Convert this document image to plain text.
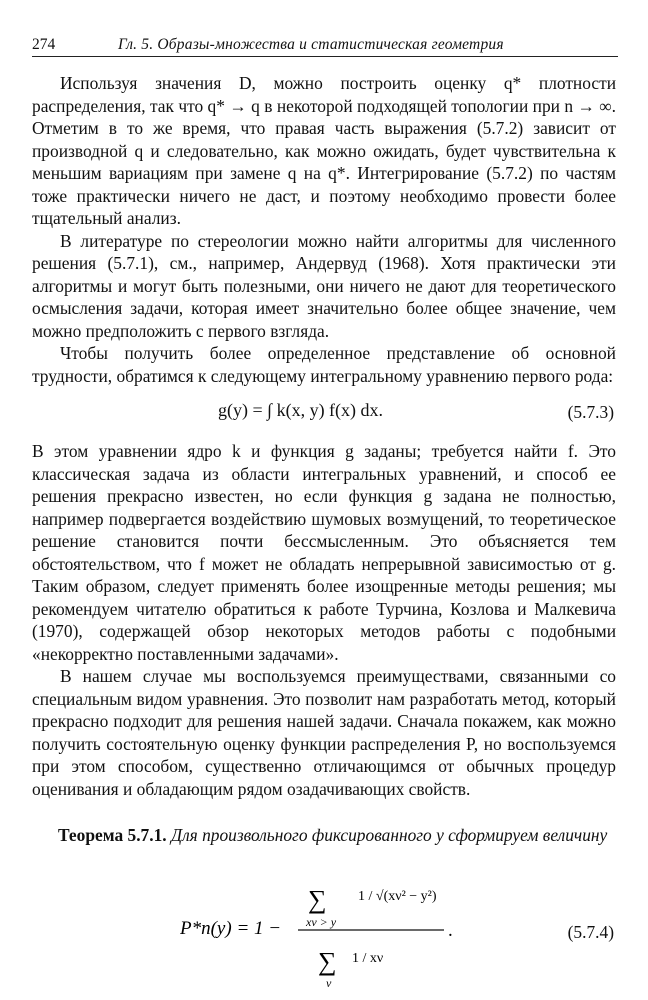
274	Гл. 5. Образы-множества и статистическая геометрия

Используя значения D, можно построить оценку q* плотности распределения, так что q* → q в некоторой подходящей топологии при n → ∞. Отметим в то же время, что правая часть выражения (5.7.2) зависит от производной q и следовательно, как можно ожидать, будет чувствительна к меньшим вариациям при замене q на q*. Интегрирование (5.7.2) по частям тоже практически ничего не даст, и поэтому необходимо провести более тщательный анализ.

В литературе по стереологии можно найти алгоритмы для численного решения (5.7.1), см., например, Андервуд (1968). Хотя практически эти алгоритмы и могут быть полезными, они ничего не дают для теоретического осмысления задачи, которая имеет значительно более общее значение, чем можно предположить с первого взгляда.

Чтобы получить более определенное представление об основной трудности, обратимся к следующему интегральному уравнению первого рода:

g(y) = ∫ k(x, y) f(x) dx.	(5.7.3)

В этом уравнении ядро k и функция g заданы; требуется найти f. Это классическая задача из области интегральных уравнений, и способ ее решения прекрасно известен, но если функция g задана не полностью, например подвергается воздействию шумовых возмущений, то теоретическое решение становится почти бессмысленным. Это объясняется тем обстоятельством, что f может не обладать непрерывной зависимостью от g. Таким образом, следует применять более изощренные методы решения; мы рекомендуем читателю обратиться к работе Турчина, Козлова и Малкевича (1970), содержащей обзор некоторых методов работы с подобными «некорректно поставленными задачами».

В нашем случае мы воспользуемся преимуществами, связанными со специальным видом уравнения. Это позволит нам разработать метод, который прекрасно подходит для решения нашей задачи. Сначала покажем, как можно получить состоятельную оценку функции распределения P, но воспользуемся при этом способом, существенно отличающимся от обычных процедур оценивания и обладающим рядом озадачивающих свойств.

Теорема 5.7.1. Для произвольного фиксированного y сформируем величину
P*n(y) = 1 −
∑
xν > y
1 / √(xν² − y²)
∑
ν
1 / xν
.	(5.7.4)
